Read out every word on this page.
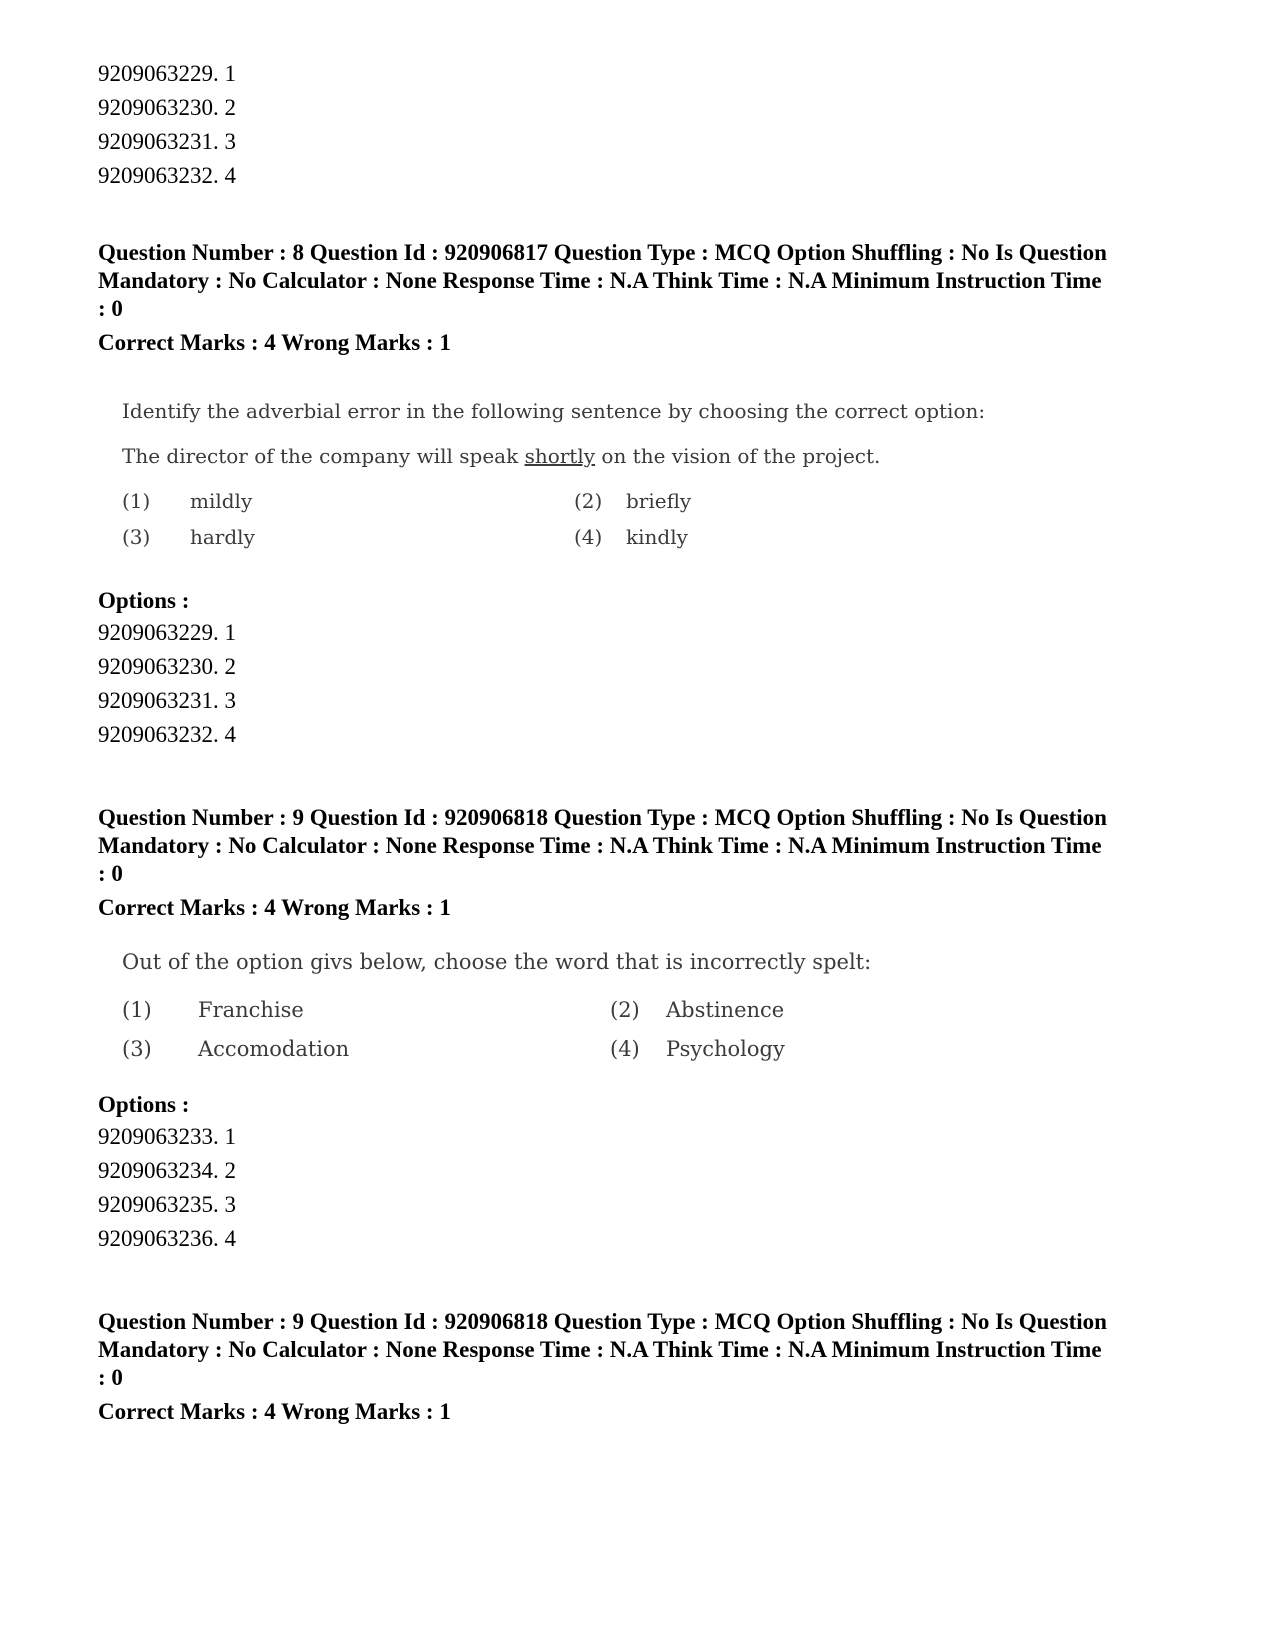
9209063229. 1
9209063230. 2
9209063231. 3
9209063232. 4
Question Number : 8 Question Id : 920906817 Question Type : MCQ Option Shuffling : No Is Question Mandatory : No Calculator : None Response Time : N.A Think Time : N.A Minimum Instruction Time : 0
Correct Marks : 4 Wrong Marks : 1
Identify the adverbial error in the following sentence by choosing the correct option:
The director of the company will speak shortly on the vision of the project.
(1) mildly	(2) briefly
(3) hardly	(4) kindly
Options :
9209063229. 1
9209063230. 2
9209063231. 3
9209063232. 4
Question Number : 9 Question Id : 920906818 Question Type : MCQ Option Shuffling : No Is Question Mandatory : No Calculator : None Response Time : N.A Think Time : N.A Minimum Instruction Time : 0
Correct Marks : 4 Wrong Marks : 1
Out of the option givs below, choose the word that is incorrectly spelt:
(1) Franchise	(2) Abstinence
(3) Accomodation	(4) Psychology
Options :
9209063233. 1
9209063234. 2
9209063235. 3
9209063236. 4
Question Number : 9 Question Id : 920906818 Question Type : MCQ Option Shuffling : No Is Question Mandatory : No Calculator : None Response Time : N.A Think Time : N.A Minimum Instruction Time : 0
Correct Marks : 4 Wrong Marks : 1
